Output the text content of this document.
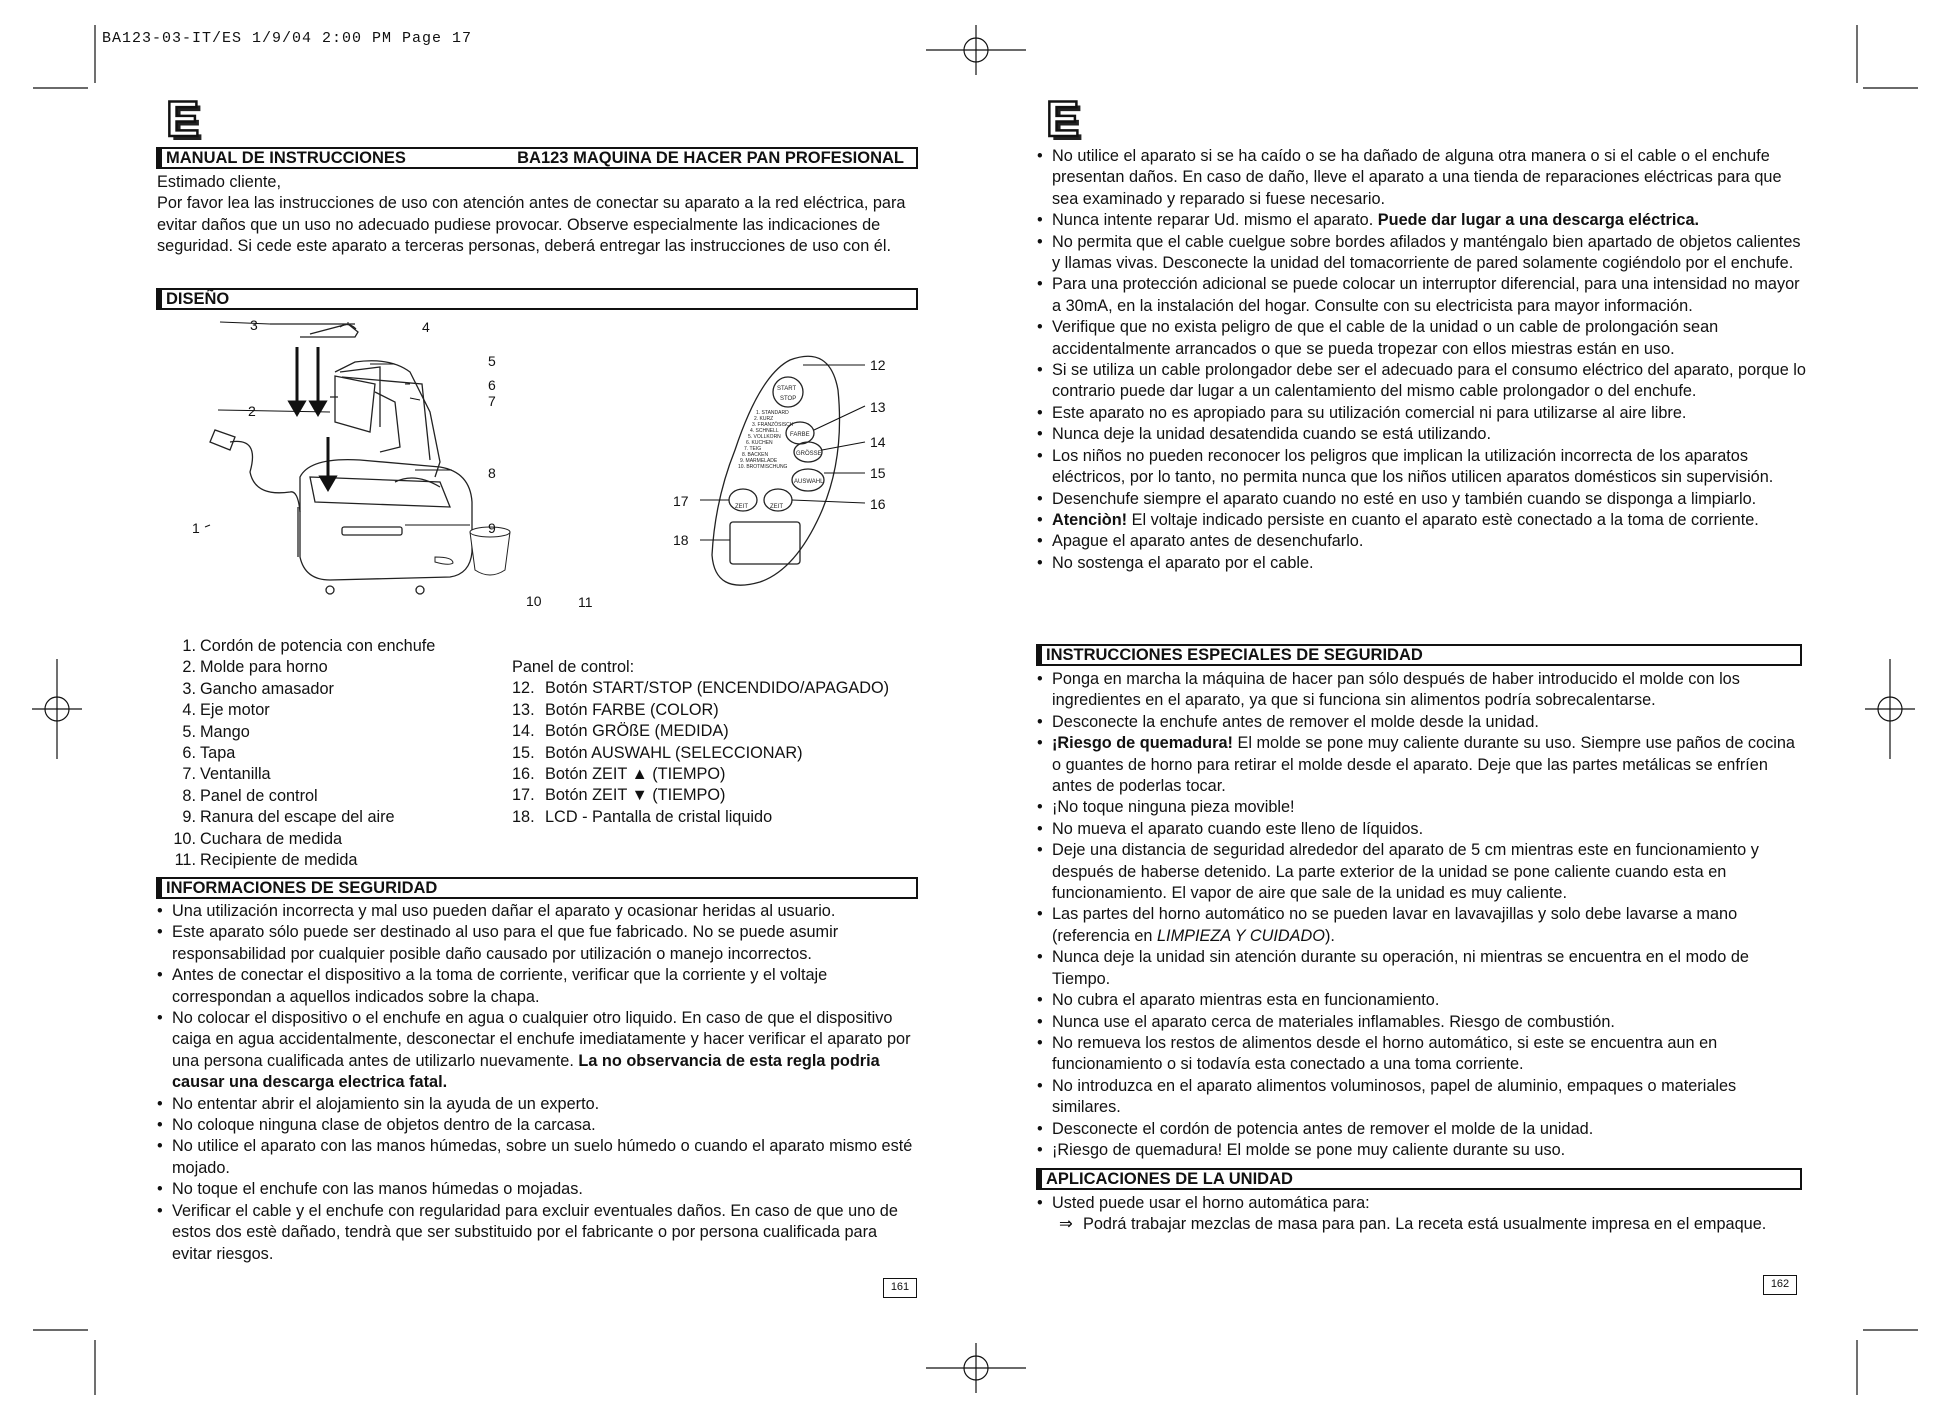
BA123-03-IT/ES 1/9/04 2:00 PM Page 17
E	E
MANUAL DE INSTRUCCIONES	BA123 MAQUINA DE HACER PAN PROFESIONAL
Estimado cliente,
Por favor lea las instrucciones de uso con atención antes de conectar su aparato a la red eléctrica, para evitar daños que un uso no adecuado pudiese provocar. Observe especialmente las indicaciones de seguridad. Si cede este aparato a terceras personas, deberá entregar las instrucciones de uso con él.
DISEÑO
3	4
5
6
7
2
8
9
1
10	11
START
STOP
FARBE
GRÖSSE
AUSWAHL
ZEIT	ZEIT
1. STANDARD
2. KURZ
3. FRANZÖSISCH
4. SCHNELL
5. VOLLKORN
6. KUCHEN
7. TEIG
8. BACKEN
9. MARMELADE
10. BROTMISCHUNG
12
13
14
15
16
17
18
1. Cordón de potencia con enchufe
2. Molde para horno
3. Gancho amasador
4. Eje motor
5. Mango
6. Tapa
7. Ventanilla
8. Panel de control
9. Ranura del escape del aire
10. Cuchara de medida
11. Recipiente de medida
Panel de control:
12. Botón START/STOP (ENCENDIDO/APAGADO)
13. Botón FARBE (COLOR)
14. Botón GRÖßE (MEDIDA)
15. Botón AUSWAHL (SELECCIONAR)
16. Botón ZEIT ▲ (TIEMPO)
17. Botón ZEIT ▼ (TIEMPO)
18. LCD - Pantalla de cristal liquido
INFORMACIONES DE SEGURIDAD
• Una utilización incorrecta y mal uso pueden dañar el aparato y ocasionar heridas al usuario.
• Este aparato sólo puede ser destinado al uso para el que fue fabricado. No se puede asumir responsabilidad por cualquier posible daño causado por utilización o manejo incorrectos.
• Antes de conectar el dispositivo a la toma de corriente, verificar que la corriente y el voltaje correspondan a aquellos indicados sobre la chapa.
• No colocar el dispositivo o el enchufe en agua o cualquier otro liquido. En caso de que el dispositivo caiga en agua accidentalmente, desconectar el enchufe imediatamente y hacer verificar el aparato por una persona cualificada antes de utilizarlo nuevamente. La no observancia de esta regla podria causar una descarga electrica fatal.
• No ententar abrir el alojamiento sin la ayuda de un experto.
• No coloque ninguna clase de objetos dentro de la carcasa.
• No utilice el aparato con las manos húmedas, sobre un suelo húmedo o cuando el aparato mismo esté mojado.
• No toque el enchufe con las manos húmedas o mojadas.
• Verificar el cable y el enchufe con regularidad para excluir eventuales daños. En caso de que uno de estos dos estè dañado, tendrà que ser substituido por el fabricante o por persona cualificada para evitar riesgos.
161
• No utilice el aparato si se ha caído o se ha dañado de alguna otra manera o si el cable o el enchufe presentan daños. En caso de daño, lleve el aparato a una tienda de reparaciones eléctricas para que sea examinado y reparado si fuese necesario.
• Nunca intente reparar Ud. mismo el aparato. Puede dar lugar a una descarga eléctrica.
• No permita que el cable cuelgue sobre bordes afilados y manténgalo bien apartado de objetos calientes y llamas vivas. Desconecte la unidad del tomacorriente de pared solamente cogiéndolo por el enchufe.
• Para una protección adicional se puede colocar un interruptor diferencial, para una intensidad no mayor a 30mA, en la instalación del hogar. Consulte con su electricista para mayor información.
• Verifique que no exista peligro de que el cable de la unidad o un cable de prolongación sean accidentalmente arrancados o que se pueda tropezar con ellos miestras están en uso.
• Si se utiliza un cable prolongador debe ser el adecuado para el consumo eléctrico del aparato, porque lo contrario puede dar lugar a un calentamiento del mismo cable prolongador o del enchufe.
• Este aparato no es apropiado para su utilización comercial ni para utilizarse al aire libre.
• Nunca deje la unidad desatendida cuando se está utilizando.
• Los niños no pueden reconocer los peligros que implican la utilización incorrecta de los aparatos eléctricos, por lo tanto, no permita nunca que los niños utilicen aparatos domésticos sin supervisión.
• Desenchufe siempre el aparato cuando no esté en uso y también cuando se disponga a limpiarlo.
• Atenciòn! El voltaje indicado persiste en cuanto el aparato estè conectado a la toma de corriente.
• Apague el aparato antes de desenchufarlo.
• No sostenga el aparato por el cable.
INSTRUCCIONES ESPECIALES DE SEGURIDAD
• Ponga en marcha la máquina de hacer pan sólo después de haber introducido el molde con los ingredientes en el aparato, ya que si funciona sin alimentos podría sobrecalentarse.
• Desconecte la enchufe antes de remover el molde desde la unidad.
• ¡Riesgo de quemadura! El molde se pone muy caliente durante su uso. Siempre use paños de cocina o guantes de horno para retirar el molde desde el aparato. Deje que las partes metálicas se enfríen antes de poderlas tocar.
• ¡No toque ninguna pieza movible!
• No mueva el aparato cuando este lleno de líquidos.
• Deje una distancia de seguridad alrededor del aparato de 5 cm mientras este en funcionamiento y después de haberse detenido. La parte exterior de la unidad se pone caliente cuando esta en funcionamiento. El vapor de aire que sale de la unidad es muy caliente.
• Las partes del horno automático no se pueden lavar en lavavajillas y solo debe lavarse a mano (referencia en LIMPIEZA Y CUIDADO).
• Nunca deje la unidad sin atención durante su operación, ni mientras se encuentra en el modo de Tiempo.
• No cubra el aparato mientras esta en funcionamiento.
• Nunca use el aparato cerca de materiales inflamables. Riesgo de combustión.
• No remueva los restos de alimentos desde el horno automático, si este se encuentra aun en funcionamiento o si todavía esta conectado a una toma corriente.
• No introduzca en el aparato alimentos voluminosos, papel de aluminio, empaques o materiales similares.
• Desconecte el cordón de potencia antes de remover el molde de la unidad.
• ¡Riesgo de quemadura! El molde se pone muy caliente durante su uso.
APLICACIONES DE LA UNIDAD
• Usted puede usar el horno automática para:
⇒ Podrá trabajar mezclas de masa para pan. La receta está usualmente impresa en el empaque.
162
